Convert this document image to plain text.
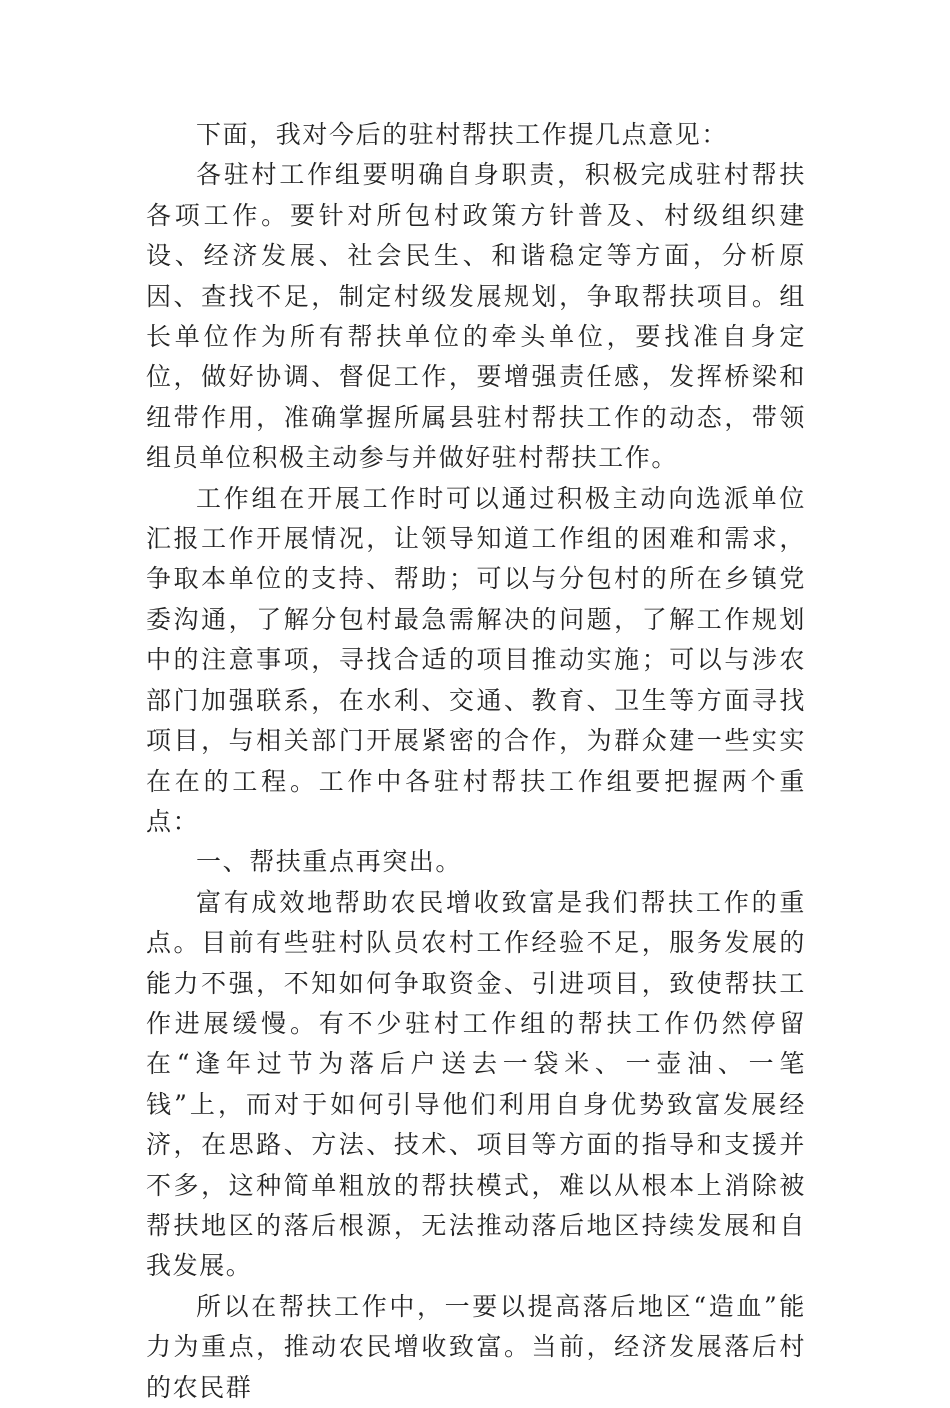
下面，我对今后的驻村帮扶工作提几点意见：

各驻村工作组要明确自身职责，积极完成驻村帮扶各项工作。要针对所包村政策方针普及、村级组织建设、经济发展、社会民生、和谐稳定等方面，分析原因、查找不足，制定村级发展规划，争取帮扶项目。组长单位作为所有帮扶单位的牵头单位，要找准自身定位，做好协调、督促工作，要增强责任感，发挥桥梁和纽带作用，准确掌握所属县驻村帮扶工作的动态，带领组员单位积极主动参与并做好驻村帮扶工作。

工作组在开展工作时可以通过积极主动向选派单位汇报工作开展情况，让领导知道工作组的困难和需求，争取本单位的支持、帮助；可以与分包村的所在乡镇党委沟通，了解分包村最急需解决的问题，了解工作规划中的注意事项，寻找合适的项目推动实施；可以与涉农部门加强联系，在水利、交通、教育、卫生等方面寻找项目，与相关部门开展紧密的合作，为群众建一些实实在在的工程。工作中各驻村帮扶工作组要把握两个重点：

一、帮扶重点再突出。

富有成效地帮助农民增收致富是我们帮扶工作的重点。目前有些驻村队员农村工作经验不足，服务发展的能力不强，不知如何争取资金、引进项目，致使帮扶工作进展缓慢。有不少驻村工作组的帮扶工作仍然停留在“逢年过节为落后户送去一袋米、一壶油、一笔钱”上，而对于如何引导他们利用自身优势致富发展经济，在思路、方法、技术、项目等方面的指导和支援并不多，这种简单粗放的帮扶模式，难以从根本上消除被帮扶地区的落后根源，无法推动落后地区持续发展和自我发展。

所以在帮扶工作中，一要以提高落后地区“造血”能力为重点，推动农民增收致富。当前，经济发展落后村的农民群
